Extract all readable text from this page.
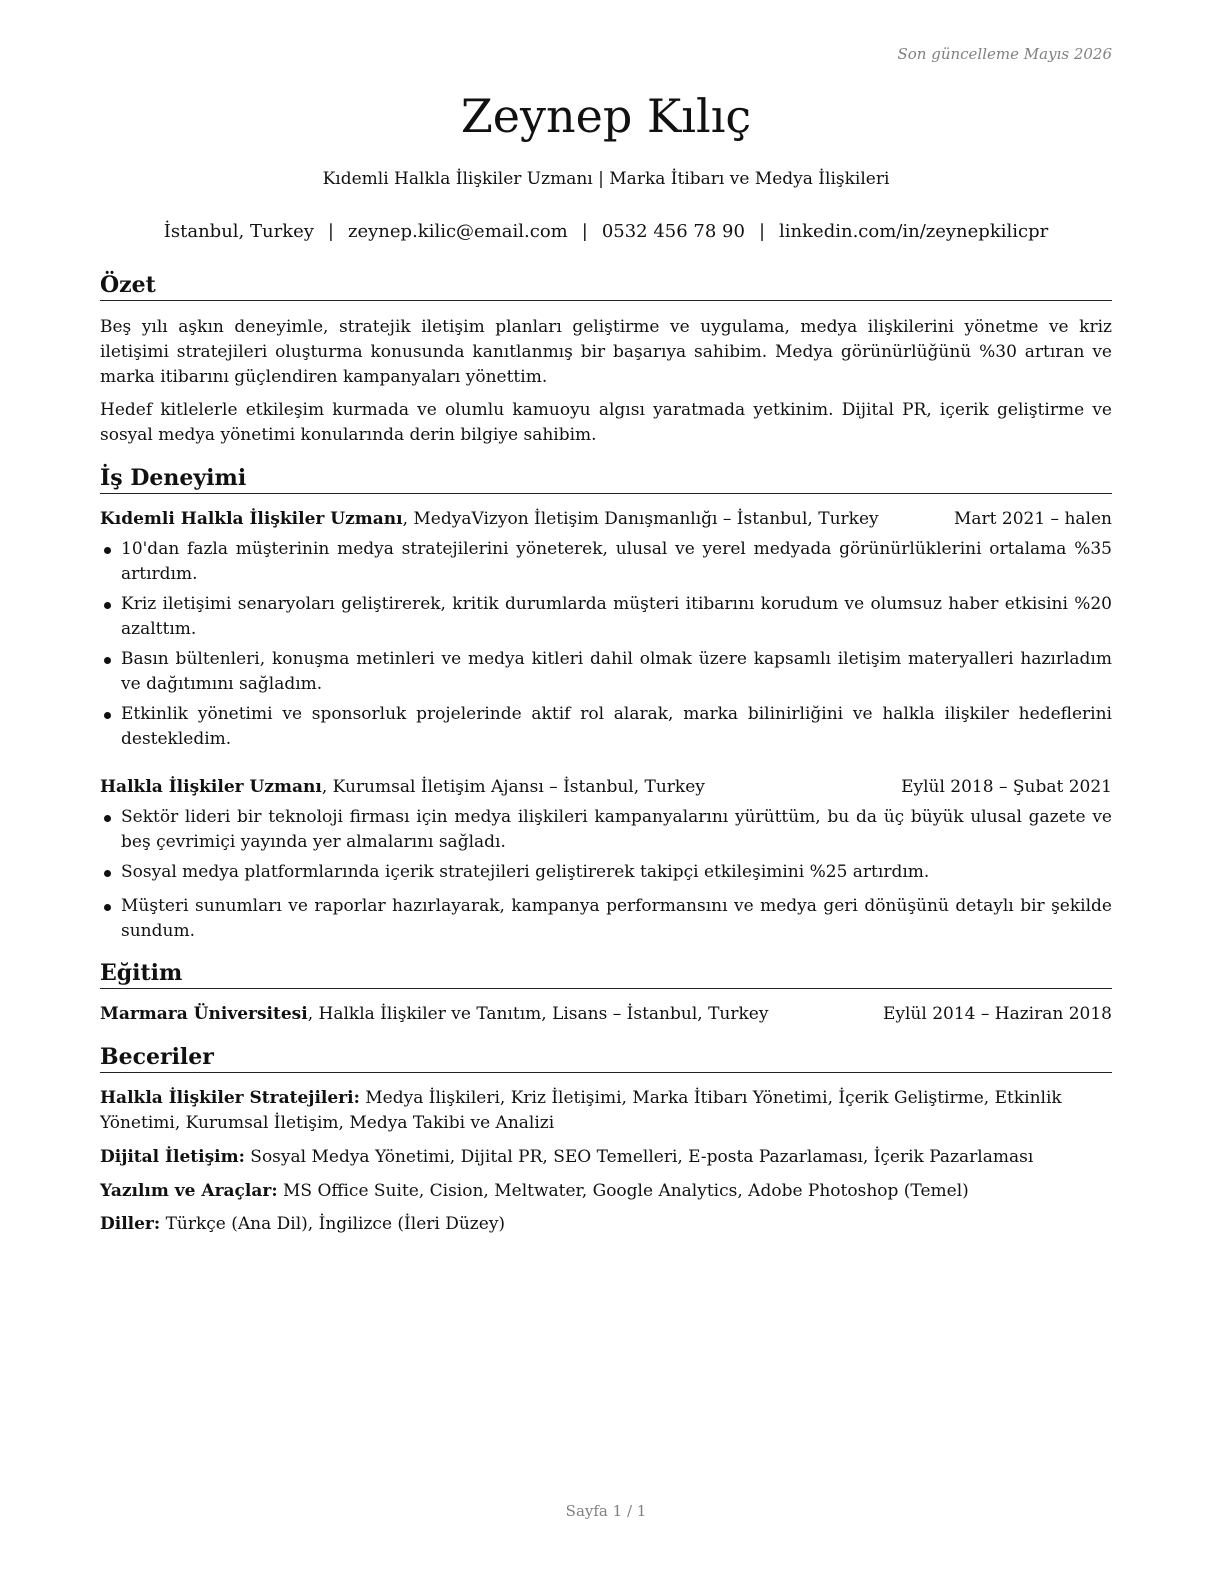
Son güncelleme Mayıs 2026
Zeynep Kılıç
Kıdemli Halkla İlişkiler Uzmanı | Marka İtibarı ve Medya İlişkileri
İstanbul, Turkey | zeynep.kilic@email.com | 0532 456 78 90 | linkedin.com/in/zeynepkilicpr
Özet

Beş yılı aşkın deneyimle, stratejik iletişim planları geliştirme ve uygulama, medya ilişkilerini yönetme ve kriz iletişimi stratejileri oluşturma konusunda kanıtlanmış bir başarıya sahibim. Medya görünürlüğünü %30 artıran ve marka itibarını güçlendiren kampanyaları yönettim.

Hedef kitlelerle etkileşim kurmada ve olumlu kamuoyu algısı yaratmada yetkinim. Dijital PR, içerik geliştirme ve sosyal medya yönetimi konularında derin bilgiye sahibim.

İş Deneyimi
Kıdemli Halkla İlişkiler Uzmanı, MedyaVizyon İletişim Danışmanlığı – İstanbul, Turkey	Mart 2021 – halen
10'dan fazla müşterinin medya stratejilerini yöneterek, ulusal ve yerel medyada görünürlüklerini ortalama %35 artırdım.
Kriz iletişimi senaryoları geliştirerek, kritik durumlarda müşteri itibarını korudum ve olumsuz haber etkisini %20 azalttım.
Basın bültenleri, konuşma metinleri ve medya kitleri dahil olmak üzere kapsamlı iletişim materyalleri hazırladım ve dağıtımını sağladım.
Etkinlik yönetimi ve sponsorluk projelerinde aktif rol alarak, marka bilinirliğini ve halkla ilişkiler hedeflerini destekledim.
Halkla İlişkiler Uzmanı, Kurumsal İletişim Ajansı – İstanbul, Turkey	Eylül 2018 – Şubat 2021
Sektör lideri bir teknoloji firması için medya ilişkileri kampanyalarını yürüttüm, bu da üç büyük ulusal gazete ve beş çevrimiçi yayında yer almalarını sağladı.
Sosyal medya platformlarında içerik stratejileri geliştirerek takipçi etkileşimini %25 artırdım.
Müşteri sunumları ve raporlar hazırlayarak, kampanya performansını ve medya geri dönüşünü detaylı bir şekilde sundum.
Eğitim
Marmara Üniversitesi, Halkla İlişkiler ve Tanıtım, Lisans – İstanbul, Turkey	Eylül 2014 – Haziran 2018
Beceriler
Halkla İlişkiler Stratejileri: Medya İlişkileri, Kriz İletişimi, Marka İtibarı Yönetimi, İçerik Geliştirme, Etkinlik Yönetimi, Kurumsal İletişim, Medya Takibi ve Analizi
Dijital İletişim: Sosyal Medya Yönetimi, Dijital PR, SEO Temelleri, E-posta Pazarlaması, İçerik Pazarlaması
Yazılım ve Araçlar: MS Office Suite, Cision, Meltwater, Google Analytics, Adobe Photoshop (Temel)
Diller: Türkçe (Ana Dil), İngilizce (İleri Düzey)
Sayfa 1 / 1
